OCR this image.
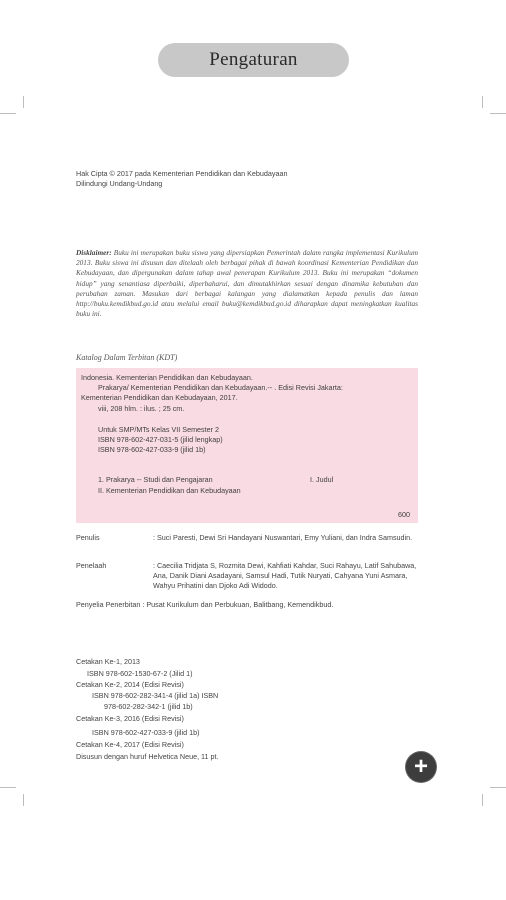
Pengaturan
Hak Cipta © 2017 pada Kementerian Pendidikan dan Kebudayaan
Dilindungi Undang-Undang
Disklaimer: Buku ini merupakan buku siswa yang dipersiapkan Pemerintah dalam rangka implementasi Kurikulum 2013. Buku siswa ini disusun dan ditelaah oleh berbagai pihak di bawah koordinasi Kementerian Pendidikan dan Kebudayaan, dan dipergunakan dalam tahap awal penerapan Kurikulum 2013. Buku ini merupakan “dokumen hidup” yang senantiasa diperbaiki, diperbaharui, dan dimutakhirkan sesuai dengan dinamika kebutuhan dan perubahan zaman. Masukan dari berbagai kalangan yang dialamatkan kepada penulis dan laman http://buku.kemdikbud.go.id atau melalui email buku@kemdikbud.go.id diharapkan dapat meningkatkan kualitas buku ini.
Katalog Dalam Terbitan (KDT)
Indonesia. Kementerian Pendidikan dan Kebudayaan.
Prakarya/ Kementerian Pendidikan dan Kebudayaan.-- . Edisi Revisi Jakarta:
Kementerian Pendidikan dan Kebudayaan, 2017.
viii, 208 hlm. : ilus. ; 25 cm.
Untuk SMP/MTs Kelas VII Semester 2
ISBN 978-602-427-031-5 (jilid lengkap)
ISBN 978-602-427-033-9 (jilid 1b)
1. Prakarya -- Studi dan Pengajaran	I. Judul
II. Kementerian Pendidikan dan Kebudayaan
600
Penulis	: Suci Paresti, Dewi Sri Handayani Nuswantari, Emy Yuliani, dan Indra Samsudin.
Penelaah	: Caecilia Tridjata S, Rozmita Dewi, Kahfiati Kahdar, Suci Rahayu, Latif Sahubawa, Ana, Danik Diani Asadayani, Samsul Hadi, Tutik Nuryati, Cahyana Yuni Asmara, Wahyu Prihatini dan Djoko Adi Widodo.
Penyelia Penerbitan : Pusat Kurikulum dan Perbukuan, Balitbang, Kemendikbud.
Cetakan Ke-1, 2013
ISBN 978-602-1530-67-2 (Jilid 1)
Cetakan Ke-2, 2014 (Edisi Revisi)
ISBN 978-602-282-341-4 (jilid 1a) ISBN
978-602-282-342-1 (jilid 1b)
Cetakan Ke-3, 2016 (Edisi Revisi)
ISBN 978-602-427-033-9 (jilid 1b)
Cetakan Ke-4, 2017 (Edisi Revisi)
Disusun dengan huruf Helvetica Neue, 11 pt.	+
